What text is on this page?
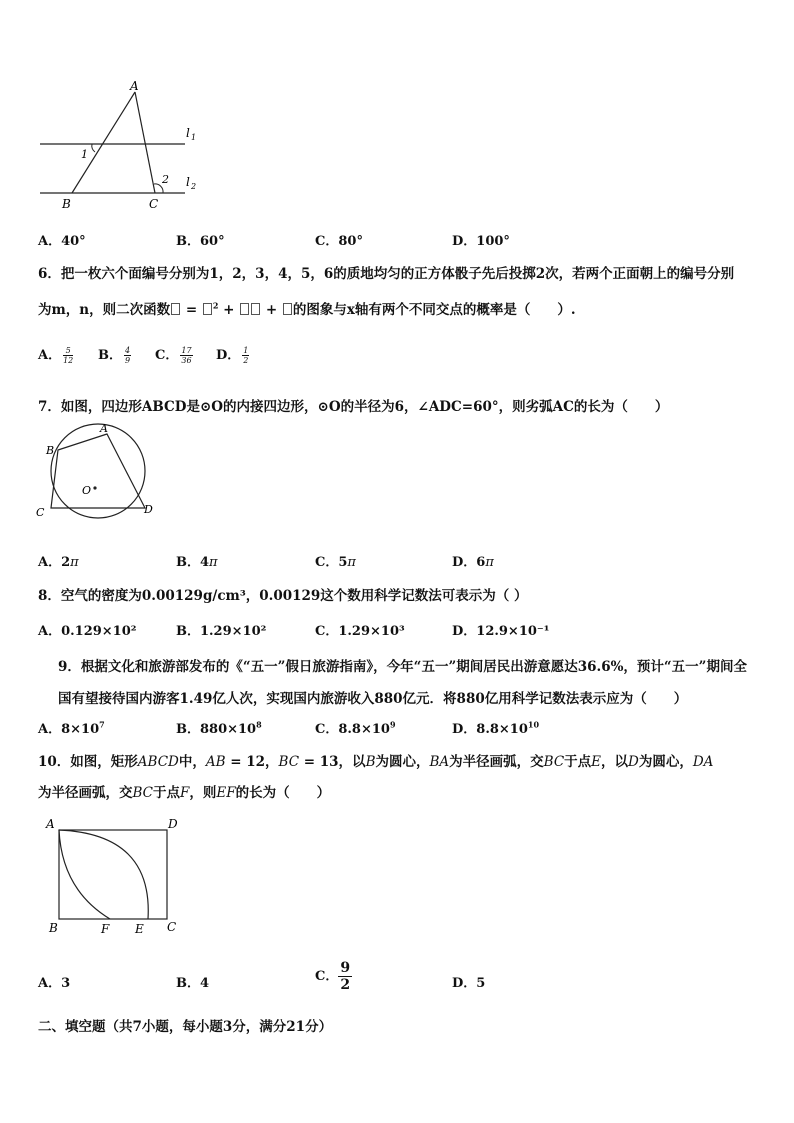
A
B	C
1
2
l 1
l 2
A．40°	B．60°	C．80°	D．100°
6．把一枚六个面编号分别为1，2，3，4，5，6的质地均匀的正方体骰子先后投掷2次，若两个正面朝上的编号分别
为m，n，则二次函数 = $^2$ + + 的图象与x轴有两个不同交点的概率是（　　）.
A． $\frac{5}{12}$ B． $\frac{4}{9}$ C． $\frac{17}{36}$ D． $\frac{1}{2}$
7．如图，四边形ABCD是⊙O的内接四边形，⊙O的半径为6，∠ADC=60°，则劣弧AC的长为（　　）
A
B
C	D
O
A．2π	B．4π	C．5π	D．6π
8．空气的密度为0.00129g/cm³，0.00129这个数用科学记数法可表示为（ ）
A．0.129×10²	B．1.29×10²	C．1.29×10³	D．12.9×10⁻¹
9．根据文化和旅游部发布的《“五一”假日旅游指南》，今年“五一”期间居民出游意愿达36.6%，预计“五一”期间全
国有望接待国内游客1.49亿人次，实现国内旅游收入880亿元．将880亿用科学记数法表示应为（　　）
A．$8\times 10^7$	B．$880\times 10^8$	C．$8.8\times 10^9$	D．$8.8\times 10^{10}$
10．如图，矩形ABCD中，AB = 12，BC = 13，以B为圆心，BA为半径画弧，交BC于点E，以D为圆心，DA
为半径画弧，交BC于点F，则EF的长为（　　）
A	D
B	F E C
A．3	B．4	C． $\frac{9}{2}$	D．5
二、填空题（共7小题，每小题3分，满分21分）
